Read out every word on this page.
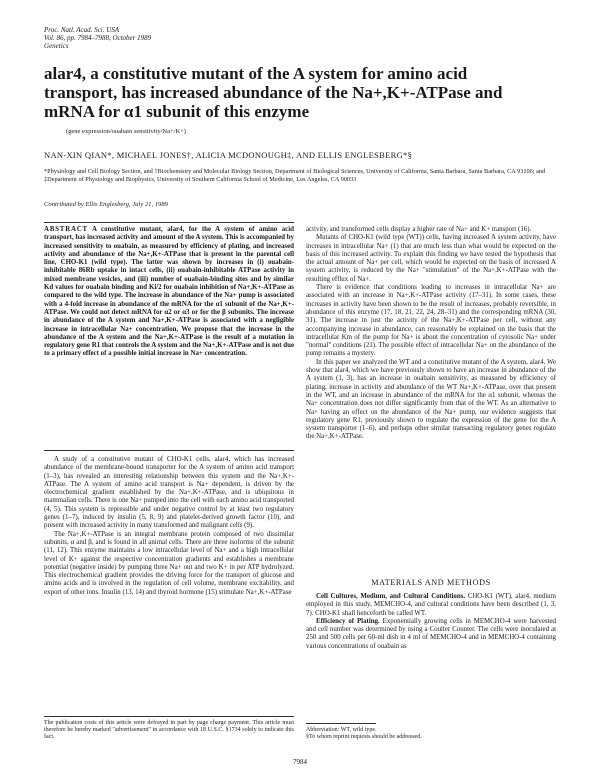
Proc. Natl. Acad. Sci. USA
Vol. 86, pp. 7984–7988, October 1989
Genetics
alar4, a constitutive mutant of the A system for amino acid transport, has increased abundance of the Na+,K+-ATPase and mRNA for α1 subunit of this enzyme
(gene expression/ouabain sensitivity/Na+/K+)
NAN-XIN QIAN*, MICHAEL JONES†, ALICIA MCDONOUGH‡, AND ELLIS ENGLESBERG*§
*Physiology and Cell Biology Section, and †Biochemistry and Molecular Biology Section, Department of Biological Sciences, University of California, Santa Barbara, Santa Barbara, CA 93106; and ‡Department of Physiology and Biophysics, University of Southern California School of Medicine, Los Angeles, CA 90033
Contributed by Ellis Englesberg, July 21, 1989
ABSTRACT A constitutive mutant, alar4, for the A system of amino acid transport, has increased activity and amount of the A system. This is accompanied by increased sensitivity to ouabain, as measured by efficiency of plating, and increased activity and abundance of the Na+,K+-ATPase that is present in the parental cell line, CHO-K1 (wild type). The latter was shown by increases in (i) ouabain-inhibitable 86Rb uptake in intact cells, (ii) ouabain-inhibitable ATPase activity in mixed membrane vesicles, and (iii) number of ouabain-binding sites and by similar Kd values for ouabain binding and Ki/2 for ouabain inhibition of Na+,K+-ATPase as compared to the wild type. The increase in abundance of the Na+ pump is associated with a 4-fold increase in abundance of the mRNA for the α1 subunit of the Na+,K+-ATPase. We could not detect mRNA for α2 or α3 or for the β subunits. The increase in abundance of the A system and Na+,K+-ATPase is associated with a negligible increase in intracellular Na+ concentration. We propose that the increase in the abundance of the A system and the Na+,K+-ATPase is the result of a mutation in regulatory gene R1 that controls the A system and the Na+,K+-ATPase and is not due to a primary effect of a possible initial increase in Na+ concentration.

A study of a constitutive mutant of CHO-K1 cells, alar4, which has increased abundance of the membrane-bound transporter for the A system of amino acid transport (1–3), has revealed an interesting relationship between this system and the Na+,K+-ATPase. The A system of amino acid transport is Na+ dependent, is driven by the electrochemical gradient established by the Na+,K+-ATPase, and is ubiquitous in mammalian cells. There is one Na+ pumped into the cell with each amino acid transported (4, 5). This system is repressible and under negative control by at least two regulatory genes (1–7), induced by insulin (5, 8, 9) and platelet-derived growth factor (10), and present with increased activity in many transformed and malignant cells (9).

The Na+,K+-ATPase is an integral membrane protein composed of two dissimilar subunits, α and β, and is found in all animal cells. There are three isoforms of the subunit (11, 12). This enzyme maintains a low intracellular level of Na+ and a high intracellular level of K+ against the respective concentration gradients and establishes a membrane potential (negative inside) by pumping three Na+ out and two K+ in per ATP hydrolyzed. This electrochemical gradient provides the driving force for the transport of glucose and amino acids and is involved in the regulation of cell volume, membrane excitability, and export of other ions. Insulin (13, 14) and thyroid hormone (15) stimulate Na+,K+-ATPase

The publication costs of this article were defrayed in part by page charge payment. This article must therefore be hereby marked "advertisement" in accordance with 18 U.S.C. §1734 solely to indicate this fact.

activity, and transformed cells display a higher rate of Na+ and K+ transport (16).

Mutants of CHO-K1 (wild type (WT)) cells, having increased A system activity, have increases in intracellular Na+ (1) that are much less than what would be expected on the basis of this increased activity. To explain this finding we have tested the hypothesis that the actual amount of Na+ per cell, which would be expected on the basis of increased A system activity, is reduced by the Na+ "stimulation" of the Na+,K+-ATPase with the resulting efflux of Na+.

There is evidence that conditions leading to increases in intracellular Na+ are associated with an increase in Na+,K+-ATPase activity (17–31). In some cases, these increases in activity have been shown to be the result of increases, probably reversible, in abundance of this enzyme (17, 18, 21, 22, 24, 28–31) and the corresponding mRNA (30, 31). The increase in just the activity of the Na+,K+-ATPase per cell, without any accompanying increase in abundance, can reasonably be explained on the basis that the intracellular Km of the pump for Na+ is about the concentration of cytosolic Na+ under "normal" conditions (21). The possible effect of intracellular Na+ on the abundance of the pump remains a mystery.

In this paper we analyzed the WT and a constitutive mutant of the A system, alar4. We show that alar4, which we have previously shown to have an increase in abundance of the A system (1, 3), has an increase in ouabain sensitivity, as measured by efficiency of plating, increase in activity and abundance of the WT Na+,K+-ATPase, over that present in the WT, and an increase in abundance of the mRNA for the α1 subunit, whereas the Na+ concentration does not differ significantly from that of the WT. As an alternative to Na+ having an effect on the abundance of the Na+ pump, our evidence suggests that regulatory gene R1, previously shown to regulate the expression of the gene for the A system transporter (1–6), and perhaps other similar transacting regulatory genes regulate the Na+,K+-ATPase.

MATERIALS AND METHODS

Cell Cultures, Medium, and Cultural Conditions. CHO-K1 (WT), alar4, medium employed in this study, MEMCHO-4, and cultural conditions have been described (1, 3, 7). CHO-K1 shall henceforth be called WT.

Efficiency of Plating. Exponentially growing cells in MEMCHO-4 were harvested and cell number was determined by using a Coulter Counter. The cells were inoculated at 250 and 500 cells per 60-ml dish in 4 ml of MEMCHO-4 and in MEMCHO-4 containing various concentrations of ouabain as

Abbreviation: WT, wild type.
§To whom reprint requests should be addressed.
7984
